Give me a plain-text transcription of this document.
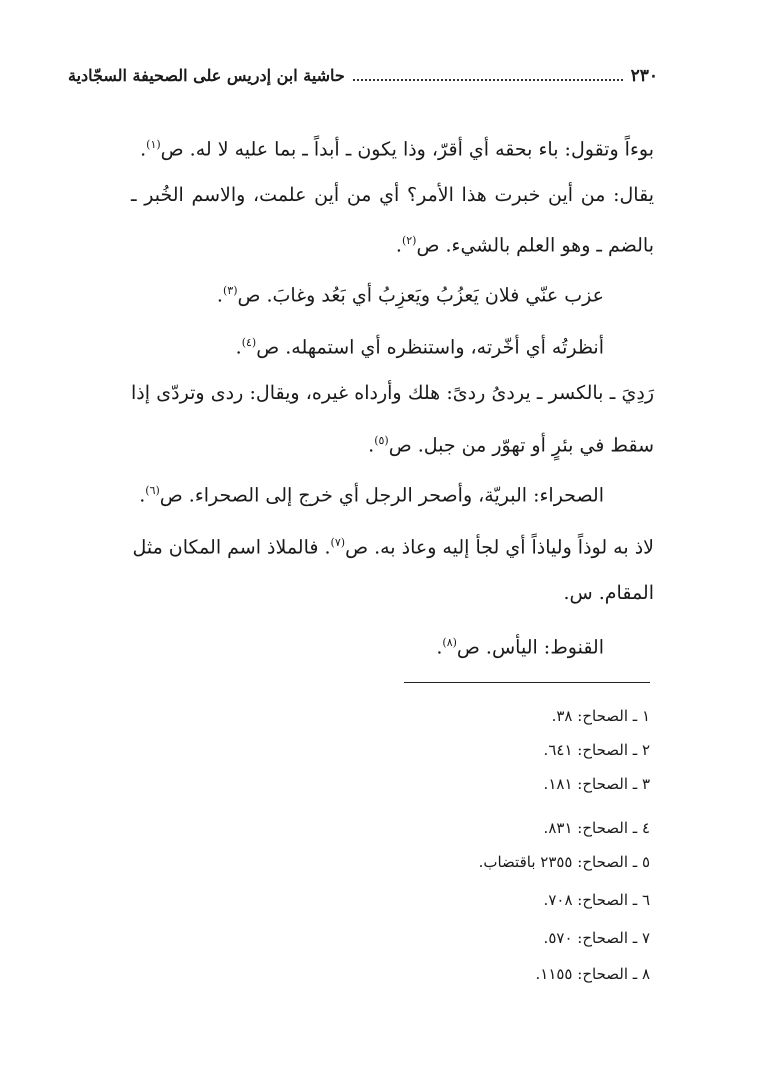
٢٣٠
حاشية ابن إدريس على الصحيفة السجّادية
بوءاً وتقول: باء بحقه أي أقرّ، وذا يكون ـ أبداً ـ بما عليه لا له. ص$^{(١)}$.
يقال: من أين خبرت هذا الأمر؟ أي من أين علمت، والاسم الخُبر ـ
بالضم ـ وهو العلم بالشيء. ص$^{(٢)}$.
عزب عنّي فلان يَعزُبُ ويَعزِبُ أي بَعُد وغابَ. ص$^{(٣)}$.
أنظرتُه أي أخّرته، واستنظره أي استمهله. ص$^{(٤)}$.
رَدِيَ ـ بالكسر ـ يردىُ ردىً: هلك وأرداه غيره، ويقال: ردى وتردّى إذا
سقط في بئرٍ أو تهوّر من جبل. ص$^{(٥)}$.
الصحراء: البريّة، وأصحر الرجل أي خرج إلى الصحراء. ص$^{(٦)}$.
لاذ به لوذاً ولياذاً أي لجأ إليه وعاذ به. ص$^{(٧)}$. فالملاذ اسم المكان مثل
المقام. س.
القنوط: اليأس. ص$^{(٨)}$.
١ ـ الصحاح: ٣٨.
٢ ـ الصحاح: ٦٤١.
٣ ـ الصحاح: ١٨١.
٤ ـ الصحاح: ٨٣١.
٥ ـ الصحاح: ٢٣٥٥ باقتضاب.
٦ ـ الصحاح: ٧٠٨.
٧ ـ الصحاح: ٥٧٠.
٨ ـ الصحاح: ١١٥٥.
